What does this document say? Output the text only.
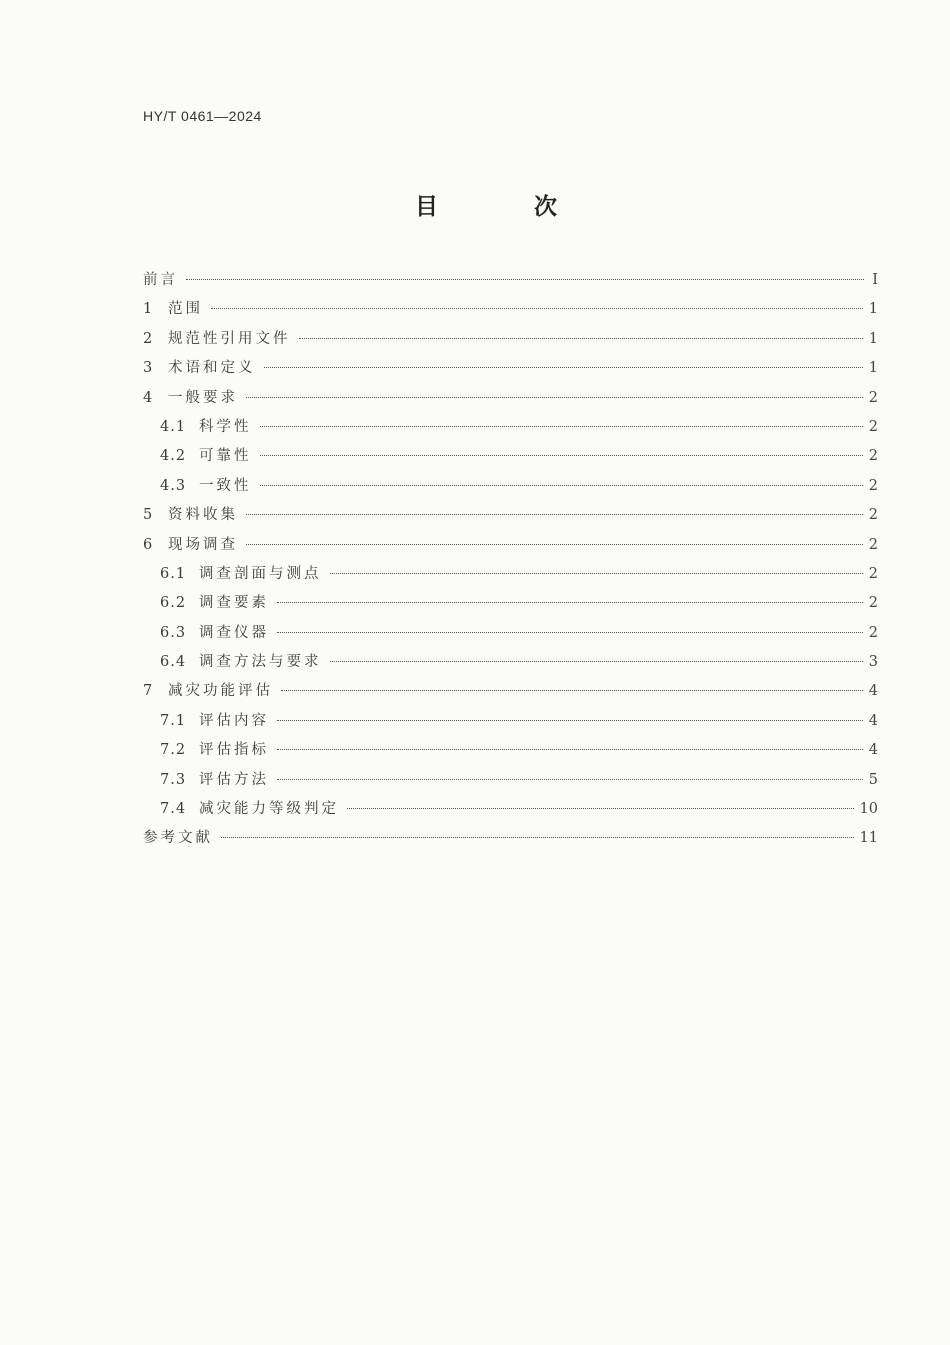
HY/T 0461—2024
目 次
前言	Ⅰ
1	范围	1
2	规范性引用文件	1
3	术语和定义	1
4	一般要求	2
4.1 科学性	2
4.2 可靠性	2
4.3 一致性	2
5	资料收集	2
6	现场调查	2
6.1 调查剖面与测点	2
6.2 调查要素	2
6.3 调查仪器	2
6.4 调查方法与要求	3
7	减灾功能评估	4
7.1 评估内容	4
7.2 评估指标	4
7.3 评估方法	5
7.4 减灾能力等级判定	10
参考文献	11
